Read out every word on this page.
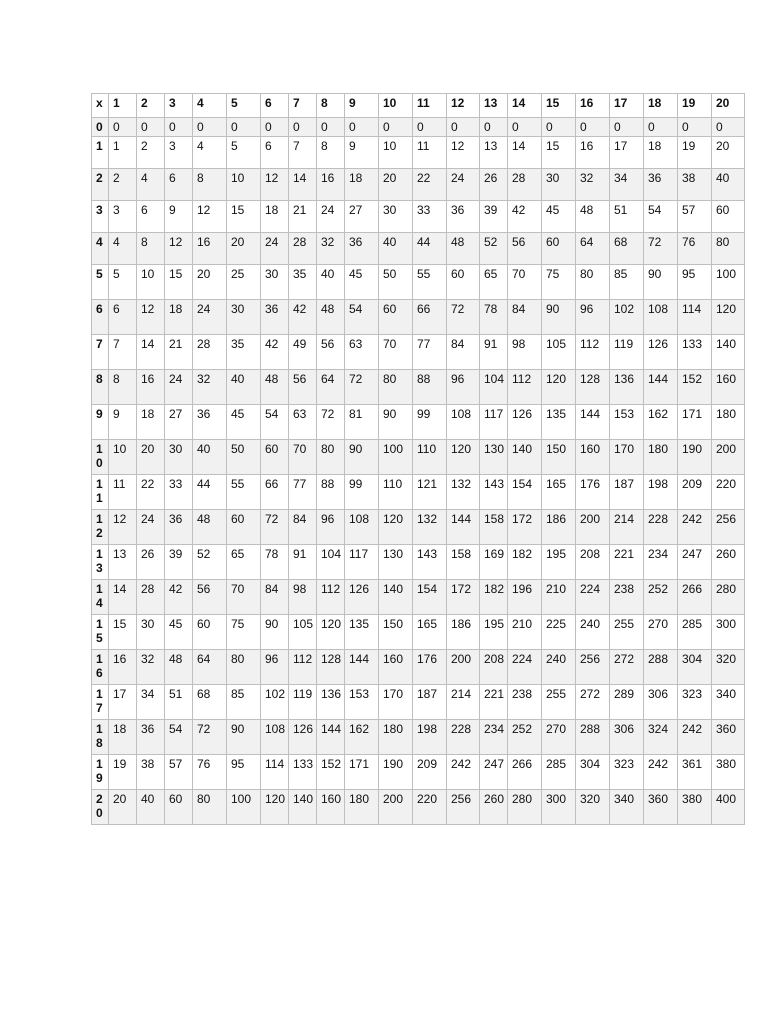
x	1	2	3	4	5	6	7	8	9	10	11	12	13	14	15	16	17	18	19	20
0	0	0	0	0	0	0	0	0	0	0	0	0	0	0	0	0	0	0	0	0
1	1	2	3	4	5	6	7	8	9	10	11	12	13	14	15	16	17	18	19	20
2	2	4	6	8	10	12	14	16	18	20	22	24	26	28	30	32	34	36	38	40
3	3	6	9	12	15	18	21	24	27	30	33	36	39	42	45	48	51	54	57	60
4	4	8	12	16	20	24	28	32	36	40	44	48	52	56	60	64	68	72	76	80
5	5	10	15	20	25	30	35	40	45	50	55	60	65	70	75	80	85	90	95	100
6	6	12	18	24	30	36	42	48	54	60	66	72	78	84	90	96	102	108	114	120
7	7	14	21	28	35	42	49	56	63	70	77	84	91	98	105	112	119	126	133	140
8	8	16	24	32	40	48	56	64	72	80	88	96	104	112	120	128	136	144	152	160
9	9	18	27	36	45	54	63	72	81	90	99	108	117	126	135	144	153	162	171	180
10	10	20	30	40	50	60	70	80	90	100	110	120	130	140	150	160	170	180	190	200
11	11	22	33	44	55	66	77	88	99	110	121	132	143	154	165	176	187	198	209	220
12	12	24	36	48	60	72	84	96	108	120	132	144	158	172	186	200	214	228	242	256
13	13	26	39	52	65	78	91	104	117	130	143	158	169	182	195	208	221	234	247	260
14	14	28	42	56	70	84	98	112	126	140	154	172	182	196	210	224	238	252	266	280
15	15	30	45	60	75	90	105	120	135	150	165	186	195	210	225	240	255	270	285	300
16	16	32	48	64	80	96	112	128	144	160	176	200	208	224	240	256	272	288	304	320
17	17	34	51	68	85	102	119	136	153	170	187	214	221	238	255	272	289	306	323	340
18	18	36	54	72	90	108	126	144	162	180	198	228	234	252	270	288	306	324	242	360
19	19	38	57	76	95	114	133	152	171	190	209	242	247	266	285	304	323	242	361	380
20	20	40	60	80	100	120	140	160	180	200	220	256	260	280	300	320	340	360	380	400
